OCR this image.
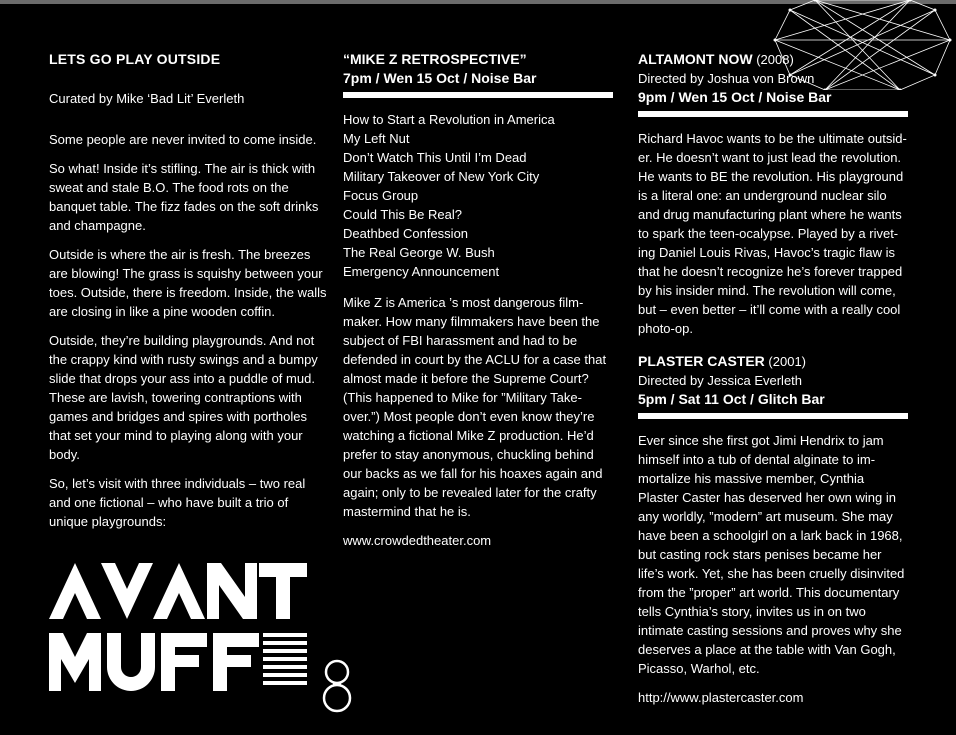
LETS GO PLAY OUTSIDE

Curated by Mike ‘Bad Lit’ Everleth

Some people are never invited to come inside.

So what! Inside it’s stifling. The air is thick with sweat and stale B.O. The food rots on the banquet table. The fizz fades on the soft drinks and champagne.

Outside is where the air is fresh. The breezes are blowing! The grass is squishy between your toes. Outside, there is freedom. Inside, the walls are closing in like a pine wooden coffin.

Outside, they’re building playgrounds. And not the crappy kind with rusty swings and a bumpy slide that drops your ass into a puddle of mud. These are lavish, towering contraptions with games and bridges and spires with portholes that set your mind to playing along with your body.

So, let’s visit with three individuals – two real and one fictional – who have built a trio of unique playgrounds:

“MIKE Z RETROSPECTIVE”
7pm / Wen 15 Oct / Noise Bar
How to Start a Revolution in America
My Left Nut
Don’t Watch This Until I’m Dead
Military Takeover of New York City
Focus Group
Could This Be Real?
Deathbed Confession
The Real George W. Bush
Emergency Announcement

Mike Z is America ’s most dangerous film-maker. How many filmmakers have been the subject of FBI harassment and had to be defended in court by the ACLU for a case that almost made it before the Supreme Court? (This happened to Mike for ”Military Take-over.”) Most people don’t even know they’re watching a fictional Mike Z production. He’d prefer to stay anonymous, chuckling behind our backs as we fall for his hoaxes again and again; only to be revealed later for the crafty mastermind that he is.

www.crowdedtheater.com
ALTAMONT NOW (2008)
Directed by Joshua von Brown
9pm / Wen 15 Oct / Noise Bar

Richard Havoc wants to be the ultimate outsid-er. He doesn’t want to just lead the revolution. He wants to BE the revolution. His playground is a literal one: an underground nuclear silo and drug manufacturing plant where he wants to spark the teen-ocalypse. Played by a rivet-ing Daniel Louis Rivas, Havoc’s tragic flaw is that he doesn’t recognize he’s forever trapped by his insider mind. The revolution will come, but – even better – it’ll come with a really cool photo-op.

PLASTER CASTER (2001)
Directed by Jessica Everleth
5pm / Sat 11 Oct / Glitch Bar

Ever since she first got Jimi Hendrix to jam himself into a tub of dental alginate to im-mortalize his massive member, Cynthia Plaster Caster has deserved her own wing in any worldly, ”modern” art museum. She may have been a schoolgirl on a lark back in 1968, but casting rock stars penises became her life’s work. Yet, she has been cruelly disinvited from the ”proper” art world. This documentary tells Cynthia’s story, invites us in on two intimate casting sessions and proves why she deserves a place at the table with Van Gogh, Picasso, Warhol, etc.

http://www.plastercaster.com
